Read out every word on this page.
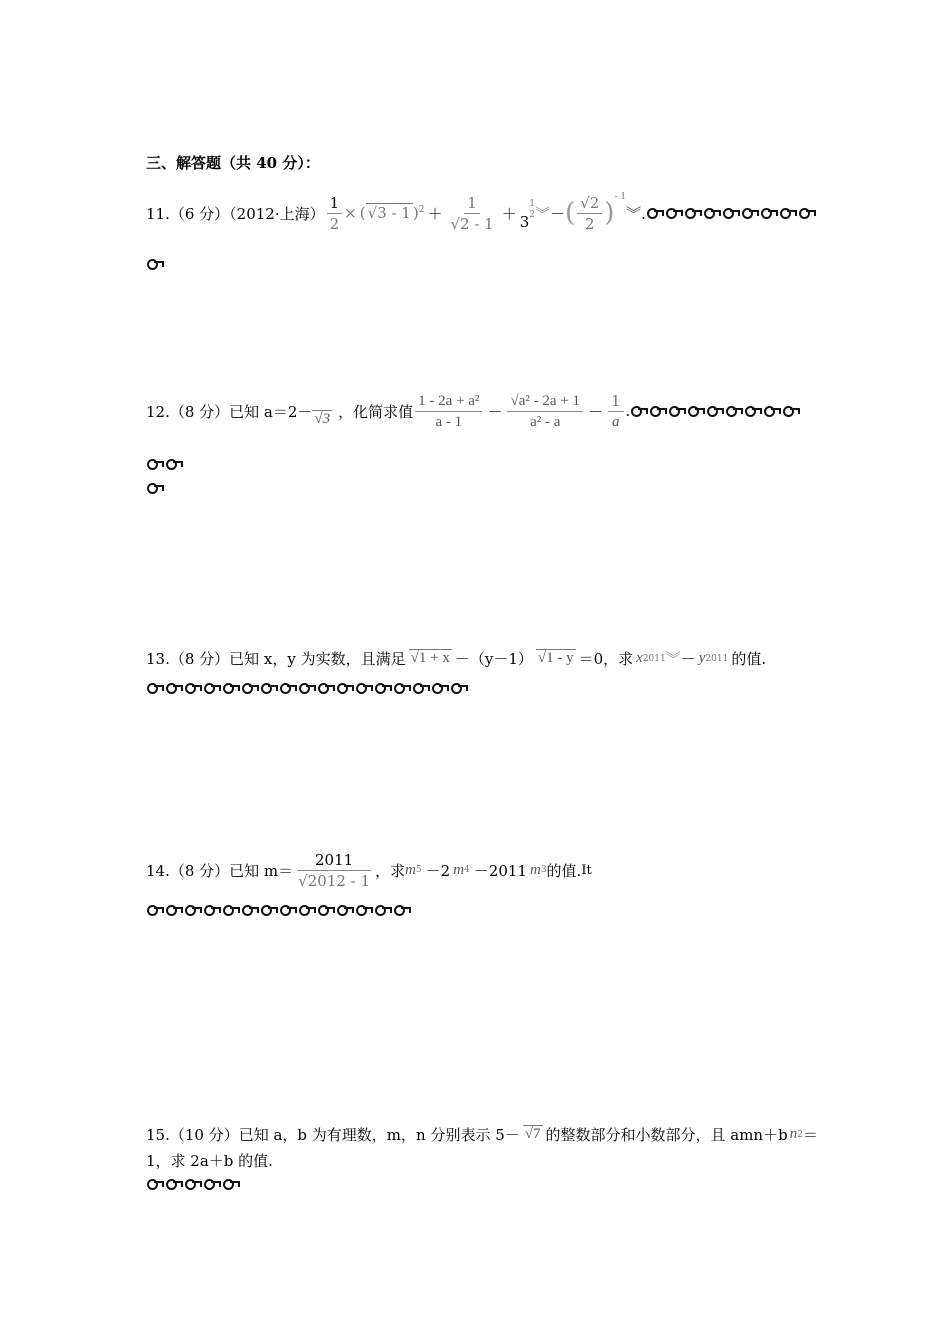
三、解答题（共 40 分）：
11.（6 分）（2012·上海） $\frac{1}{2}$ × ( √3 - 1 )$^2 + \frac{1}{√2 - 1} + 3$
1
2 ︾ － ( $\frac{√2}{2}$ )
- 1
︾.
12.（8 分）已知 a＝2－ √3 ，化简求值 $\frac{\text{1 - 2a + a²}}{a - 1} - \frac{\text{√a² - 2a + 1}}{\text{a² - a}} - \frac{1}{a}$ .
13.（8 分）已知 x，y 为实数，且满足 √1 + x －（y－1） √1 - y ＝0，求 x 2011 ︾ － y 2011 的值.
14.（8 分）已知 $m= \frac{2011}{√2012 - 1}$ ，求 m 5 －2 m 4 －2011 m 3 的值. It
15.（10 分）已知 a，b 为有理数，m，n 分别表示 5－ √7 的整数部分和小数部分，且 amn＋b n 2 ＝
1，求 2a＋b 的值.
